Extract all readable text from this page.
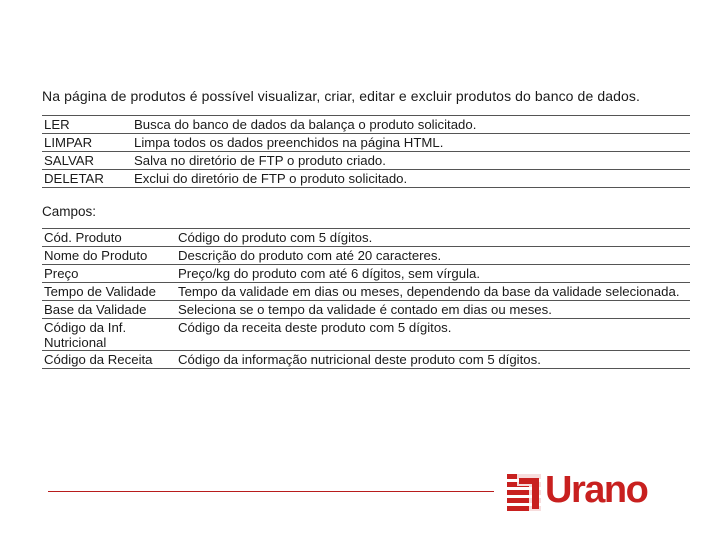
Na página de produtos é possível visualizar, criar, editar e excluir produtos do banco de dados.
LER	Busca do banco de dados da balança o produto solicitado.
LIMPAR	Limpa todos os dados preenchidos na página HTML.
SALVAR	Salva no diretório de FTP o produto criado.
DELETAR	Exclui do diretório de FTP o produto solicitado.
Campos:
Cód. Produto	Código do produto com 5 dígitos.
Nome do Produto	Descrição do produto com até 20 caracteres.
Preço	Preço/kg do produto com até 6 dígitos, sem vírgula.
Tempo de Validade	Tempo da validade em dias ou meses, dependendo da base da validade selecionada.
Base da Validade	Seleciona se o tempo da validade é contado em dias ou meses.
Código da Inf. Nutricional	Código da receita deste produto com 5 dígitos.
Código da Receita	Código da informação nutricional deste produto com 5 dígitos.
Urano
